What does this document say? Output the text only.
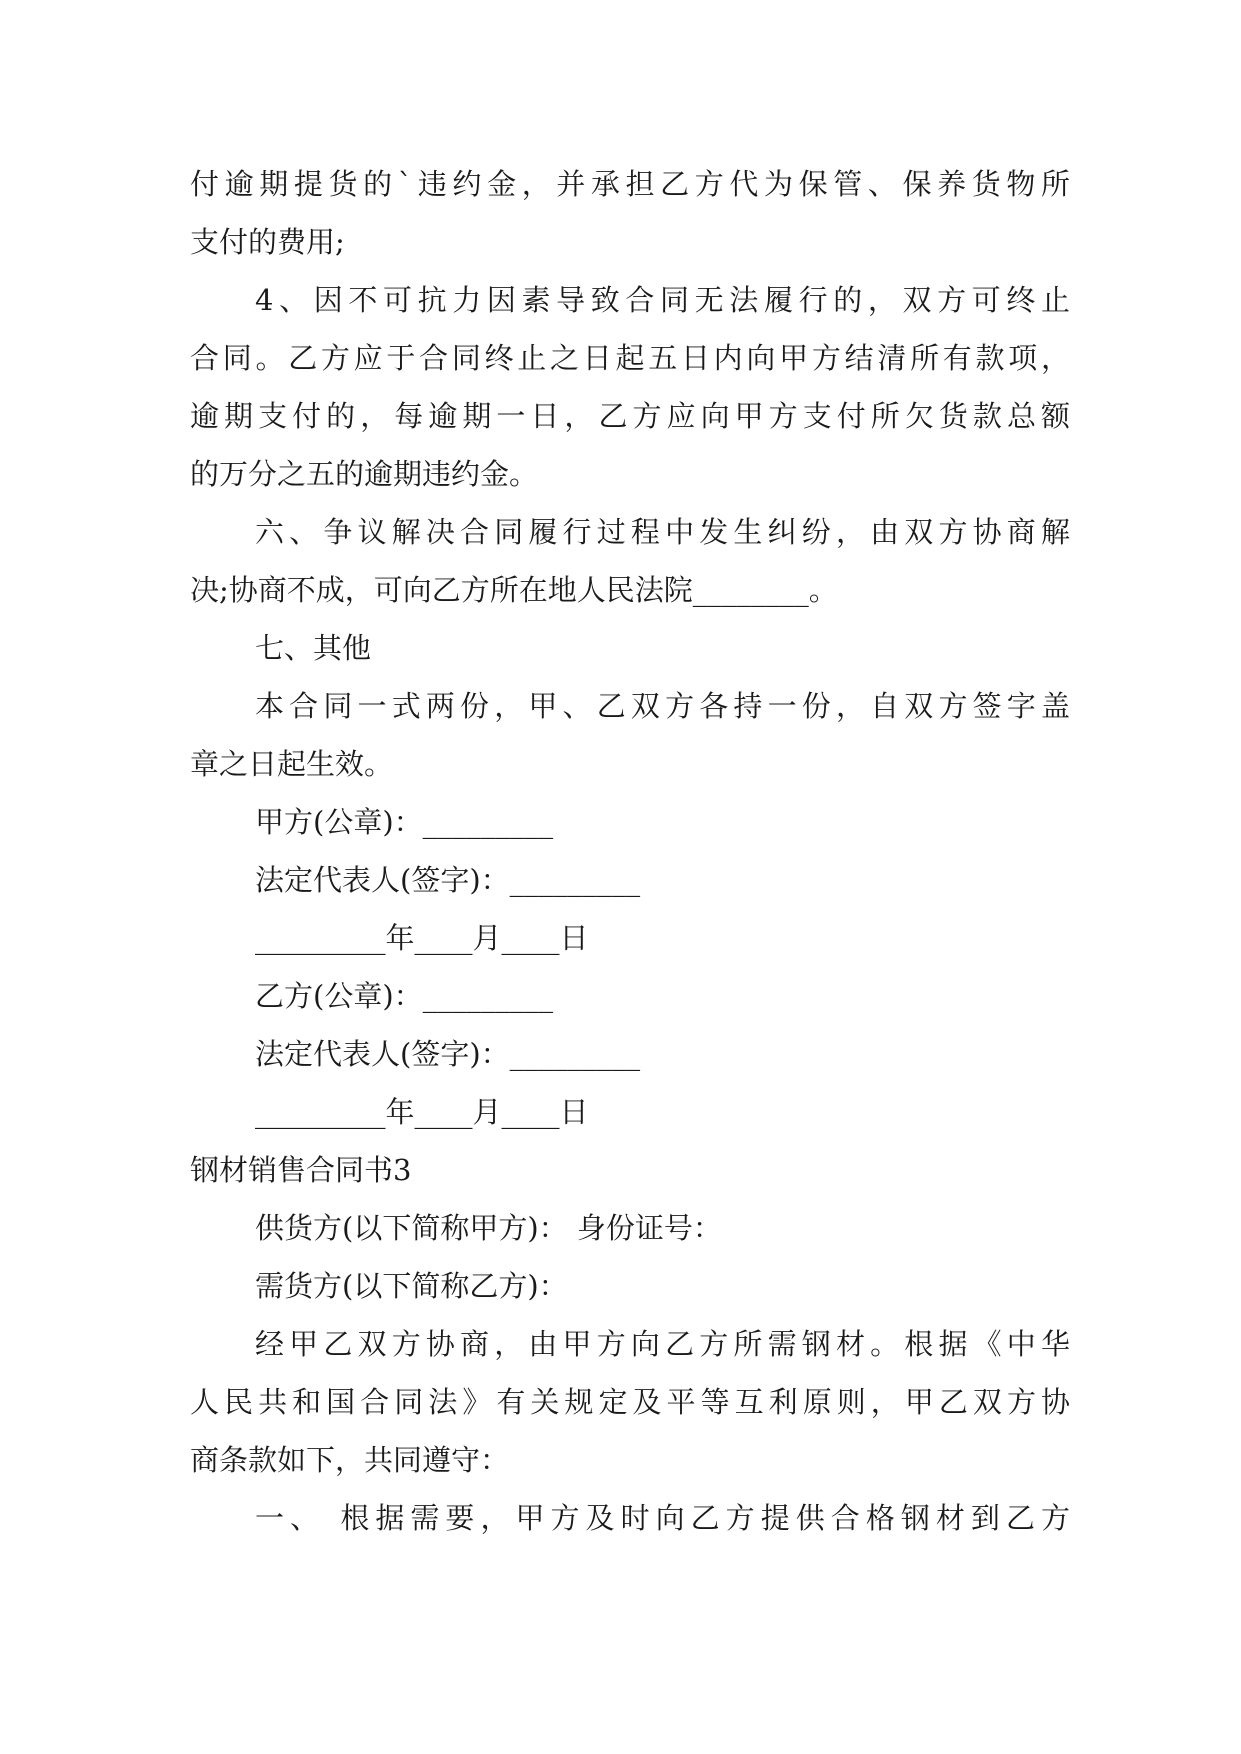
付逾期提货的`违约金，并承担乙方代为保管、保养货物所
支付的费用;
4、因不可抗力因素导致合同无法履行的，双方可终止
合同。乙方应于合同终止之日起五日内向甲方结清所有款项，
逾期支付的，每逾期一日，乙方应向甲方支付所欠货款总额
的万分之五的逾期违约金。
六、争议解决合同履行过程中发生纠纷，由双方协商解
决;协商不成，可向乙方所在地人民法院________。
七、其他
本合同一式两份，甲、乙双方各持一份，自双方签字盖
章之日起生效。
甲方(公章)：_________
法定代表人(签字)：_________
_________年____月____日
乙方(公章)：_________
法定代表人(签字)：_________
_________年____月____日
钢材销售合同书3
供货方(以下简称甲方)： 身份证号：
需货方(以下简称乙方)：
经甲乙双方协商，由甲方向乙方所需钢材。根据《中华
人民共和国合同法》有关规定及平等互利原则，甲乙双方协
商条款如下，共同遵守：
一、 根据需要，甲方及时向乙方提供合格钢材到乙方
